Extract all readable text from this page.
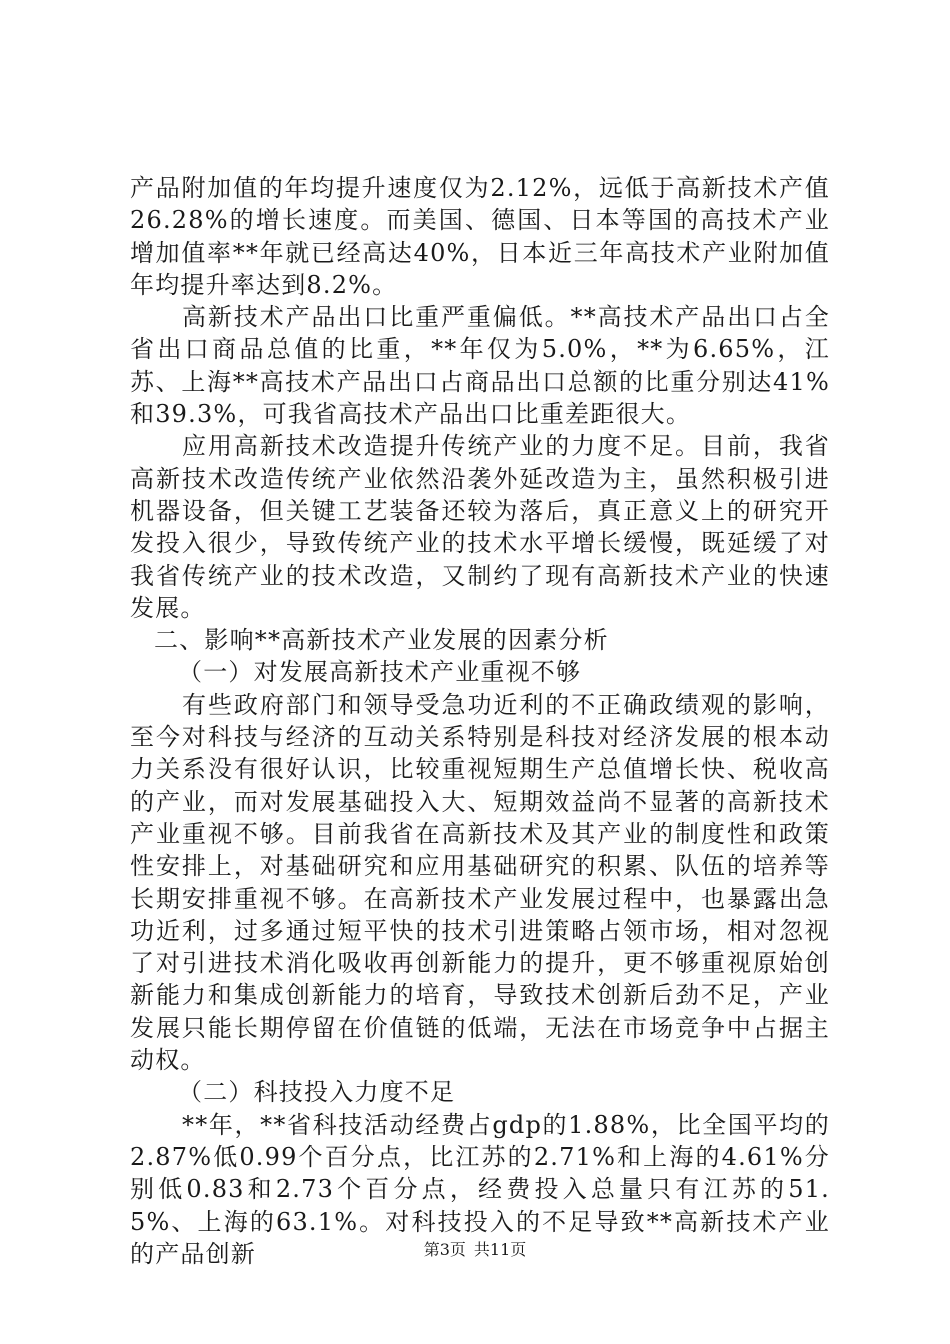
产品附加值的年均提升速度仅为2.12%，远低于高新技术产值26.28%的增长速度。而美国、德国、日本等国的高技术产业增加值率**年就已经高达40%，日本近三年高技术产业附加值年均提升率达到8.2%。

高新技术产品出口比重严重偏低。**高技术产品出口占全省出口商品总值的比重，**年仅为5.0%，**为6.65%，江苏、上海**高技术产品出口占商品出口总额的比重分别达41%和39.3%，可我省高技术产品出口比重差距很大。

应用高新技术改造提升传统产业的力度不足。目前，我省高新技术改造传统产业依然沿袭外延改造为主，虽然积极引进机器设备，但关键工艺装备还较为落后，真正意义上的研究开发投入很少，导致传统产业的技术水平增长缓慢，既延缓了对我省传统产业的技术改造，又制约了现有高新技术产业的快速发展。

二、影响**高新技术产业发展的因素分析

（一）对发展高新技术产业重视不够

有些政府部门和领导受急功近利的不正确政绩观的影响，至今对科技与经济的互动关系特别是科技对经济发展的根本动力关系没有很好认识，比较重视短期生产总值增长快、税收高的产业，而对发展基础投入大、短期效益尚不显著的高新技术产业重视不够。目前我省在高新技术及其产业的制度性和政策性安排上，对基础研究和应用基础研究的积累、队伍的培养等长期安排重视不够。在高新技术产业发展过程中，也暴露出急功近利，过多通过短平快的技术引进策略占领市场，相对忽视了对引进技术消化吸收再创新能力的提升，更不够重视原始创新能力和集成创新能力的培育，导致技术创新后劲不足，产业发展只能长期停留在价值链的低端，无法在市场竞争中占据主动权。

（二）科技投入力度不足

**年，**省科技活动经费占gdp的1.88%，比全国平均的2.87%低0.99个百分点，比江苏的2.71%和上海的4.61%分别低0.83和2.73个百分点，经费投入总量只有江苏的51.5%、上海的63.1%。对科技投入的不足导致**高新技术产业的产品创新	第3页 共11页
